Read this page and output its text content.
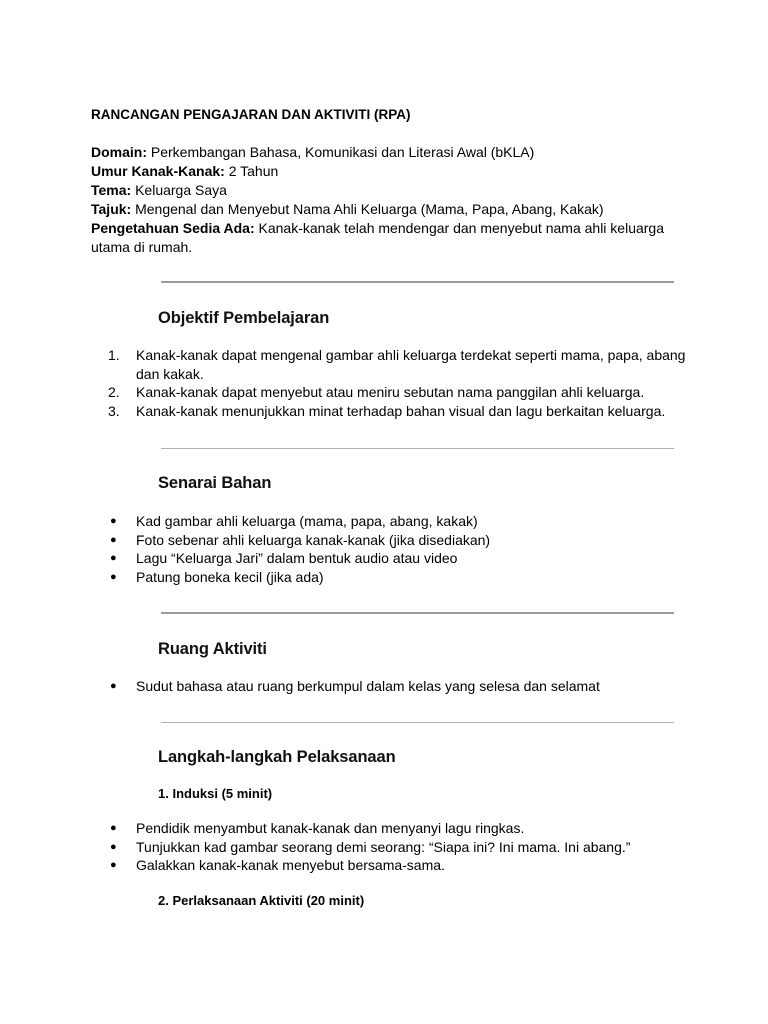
RANCANGAN PENGAJARAN DAN AKTIVITI (RPA)

Domain: Perkembangan Bahasa, Komunikasi dan Literasi Awal (bKLA)

Umur Kanak-Kanak: 2 Tahun

Tema: Keluarga Saya

Tajuk: Mengenal dan Menyebut Nama Ahli Keluarga (Mama, Papa, Abang, Kakak)

Pengetahuan Sedia Ada: Kanak-kanak telah mendengar dan menyebut nama ahli keluarga utama di rumah.

Objektif Pembelajaran
1.	Kanak-kanak dapat mengenal gambar ahli keluarga terdekat seperti mama, papa, abang dan kakak.
2.	Kanak-kanak dapat menyebut atau meniru sebutan nama panggilan ahli keluarga.
3.	Kanak-kanak menunjukkan minat terhadap bahan visual dan lagu berkaitan keluarga.
Senarai Bahan
●	Kad gambar ahli keluarga (mama, papa, abang, kakak)
●	Foto sebenar ahli keluarga kanak-kanak (jika disediakan)
●	Lagu “Keluarga Jari” dalam bentuk audio atau video
●	Patung boneka kecil (jika ada)
Ruang Aktiviti
●	Sudut bahasa atau ruang berkumpul dalam kelas yang selesa dan selamat
Langkah-langkah Pelaksanaan
1. Induksi (5 minit)
●	Pendidik menyambut kanak-kanak dan menyanyi lagu ringkas.
●	Tunjukkan kad gambar seorang demi seorang: “Siapa ini? Ini mama. Ini abang.”
●	Galakkan kanak-kanak menyebut bersama-sama.
2. Perlaksanaan Aktiviti (20 minit)
